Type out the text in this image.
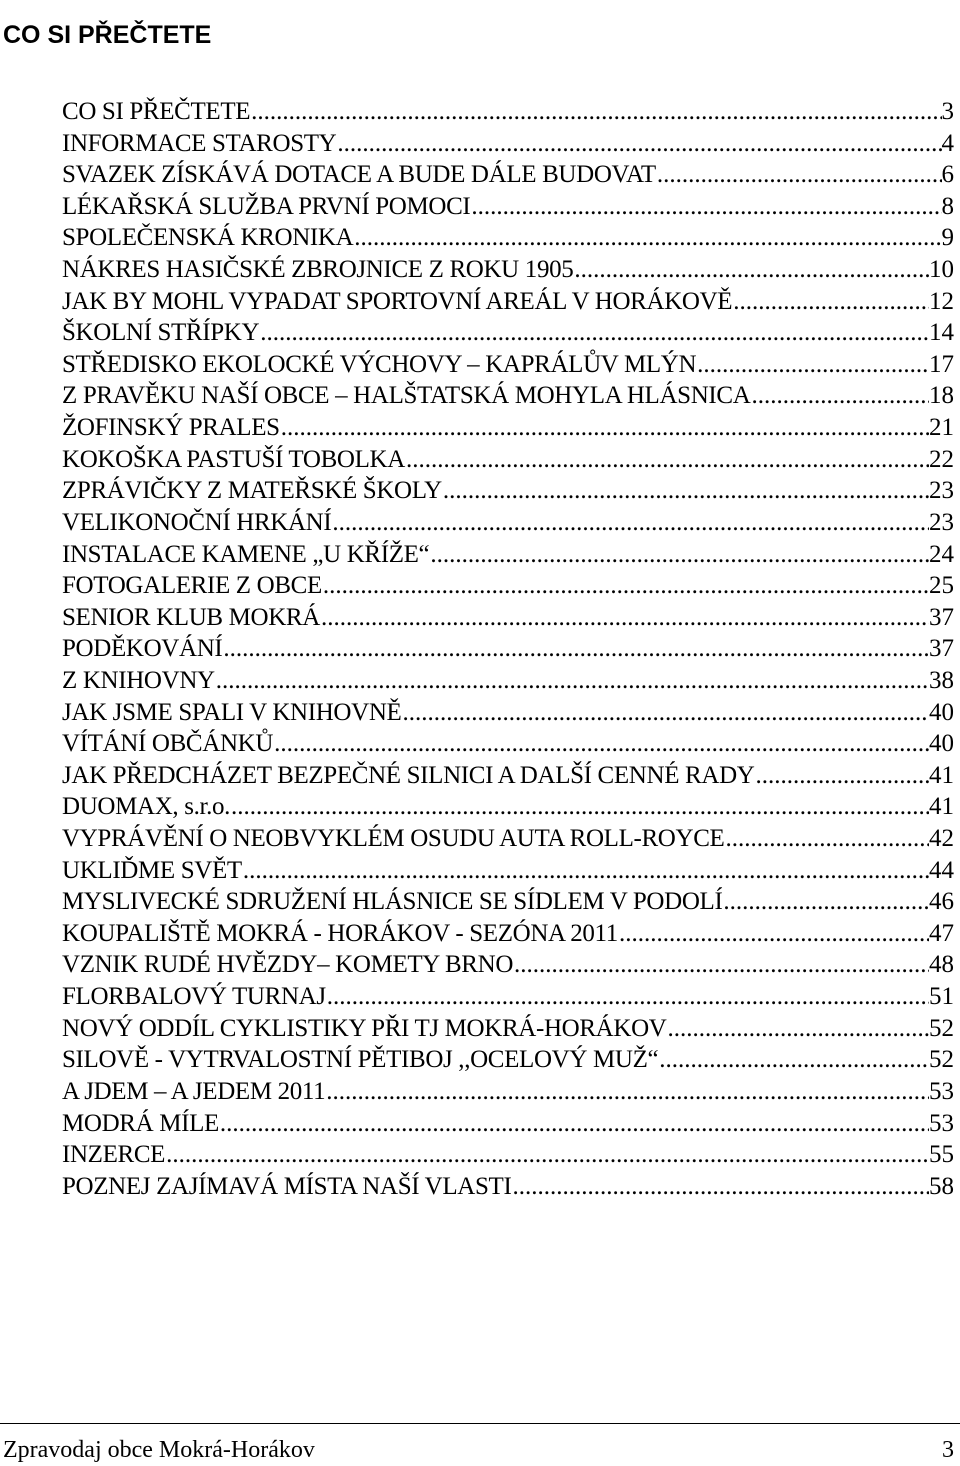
CO SI PŘEČTETE
CO SI PŘEČTETE .....	3
INFORMACE STAROSTY .....	4
SVAZEK ZÍSKÁVÁ DOTACE A BUDE DÁLE BUDOVAT .....	6
LÉKAŘSKÁ SLUŽBA PRVNÍ POMOCI .....	8
SPOLEČENSKÁ KRONIKA .....	9
NÁKRES HASIČSKÉ ZBROJNICE Z ROKU 1905 .....	10
JAK BY MOHL VYPADAT SPORTOVNÍ AREÁL V HORÁKOVĚ .....	12
ŠKOLNÍ STŘÍPKY .....	14
STŘEDISKO EKOLOCKÉ VÝCHOVY – KAPRÁLŮV MLÝN .....	17
Z PRAVĚKU NAŠÍ OBCE – HALŠTATSKÁ MOHYLA HLÁSNICA .....	18
ŽOFINSKÝ PRALES .....	21
KOKOŠKA PASTUŠÍ TOBOLKA .....	22
ZPRÁVIČKY Z MATEŘSKÉ ŠKOLY .....	23
VELIKONOČNÍ HRKÁNÍ .....	23
INSTALACE KAMENE „U KŘÍŽE“ .....	24
FOTOGALERIE Z OBCE .....	25
SENIOR KLUB MOKRÁ .....	37
PODĚKOVÁNÍ .....	37
Z KNIHOVNY .....	38
JAK JSME SPALI V KNIHOVNĚ .....	40
VÍTÁNÍ OBČÁNKŮ .....	40
JAK PŘEDCHÁZET BEZPEČNÉ SILNICI A DALŠÍ CENNÉ RADY .....	41
DUOMAX, s.r.o. .....	41
VYPRÁVĚNÍ O NEOBVYKLÉM OSUDU AUTA ROLL-ROYCE .....	42
UKLIĎME SVĚT .....	44
MYSLIVECKÉ SDRUŽENÍ HLÁSNICE SE SÍDLEM V PODOLÍ .....	46
KOUPALIŠTĚ MOKRÁ - HORÁKOV - SEZÓNA 2011 .....	47
VZNIK RUDÉ HVĚZDY– KOMETY BRNO .....	48
FLORBALOVÝ TURNAJ .....	51
NOVÝ ODDÍL CYKLISTIKY PŘI TJ MOKRÁ-HORÁKOV .....	52
SILOVĚ - VYTRVALOSTNÍ PĚTIBOJ ,,OCELOVÝ MUŽ“ .....	52
A JDEM – A JEDEM 2011 .....	53
MODRÁ MÍLE .....	53
INZERCE .....	55
POZNEJ ZAJÍMAVÁ MÍSTA NAŠÍ VLASTI .....	58
Zpravodaj obce Mokrá-Horákov	3
